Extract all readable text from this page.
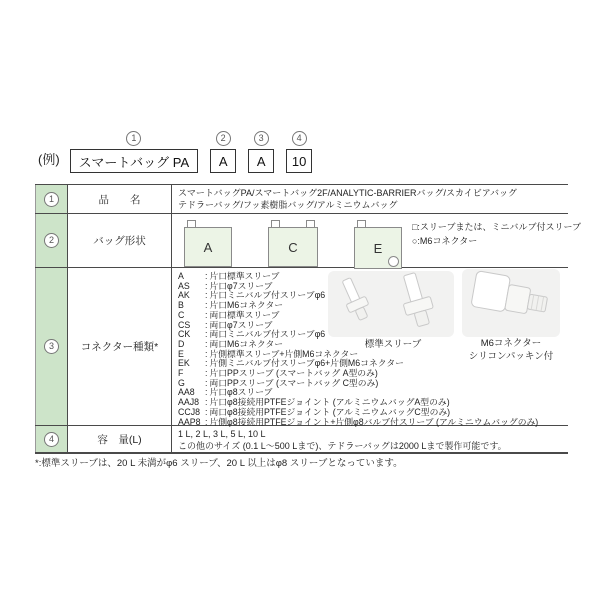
(例)
1
スマートバッグ PA
2
A
3
A
4
10
1	品　　名
スマートバッグPA/スマートバッグ2F/ANALYTIC-BARRIERバッグ/スカイビアバッグ
テドラーバッグ/フッ素樹脂バッグ/アルミニウムバッグ
2	バッグ形状	A	C	E
□:スリーブまたは、ミニバルブ付スリーブ
○:M6コネクター
3	コネクター種類*
A	: 片口標準スリーブ
AS	: 片口φ7スリーブ
AK	: 片口ミニバルブ付スリーブφ6
B	: 片口M6コネクター
C	: 両口標準スリーブ
CS	: 両口φ7スリーブ
CK	: 両口ミニバルブ付スリーブφ6
D	: 両口M6コネクター
E	: 片側標準スリーブ+片側M6コネクター
EK	: 片側ミニバルブ付スリーブφ6+片側M6コネクター
F	: 片口PPスリーブ (スマートバッグ A型のみ)
G	: 両口PPスリーブ (スマートバッグ C型のみ)
AA8	: 片口φ8スリーブ
AAJ8 : 片口φ8接続用PTFEジョイント (アルミニウムバッグA型のみ)
CCJ8 : 両口φ8接続用PTFEジョイント (アルミニウムバッグC型のみ)
AAP8 : 片側φ8接続用PTFEジョイント+片側φ8バルブ付スリーブ (アルミニウムバッグのみ)
標準スリーブ	M6コネクター
シリコンパッキン付
4	容　量(L)	1 L, 2 L, 3 L, 5 L, 10 L
この他のサイズ (0.1 L〜500 Lまで)、テドラーバッグは2000 Lまで製作可能です。
*:標準スリーブは、20 L 未満がφ6 スリーブ、20 L 以上はφ8 スリーブとなっています。
